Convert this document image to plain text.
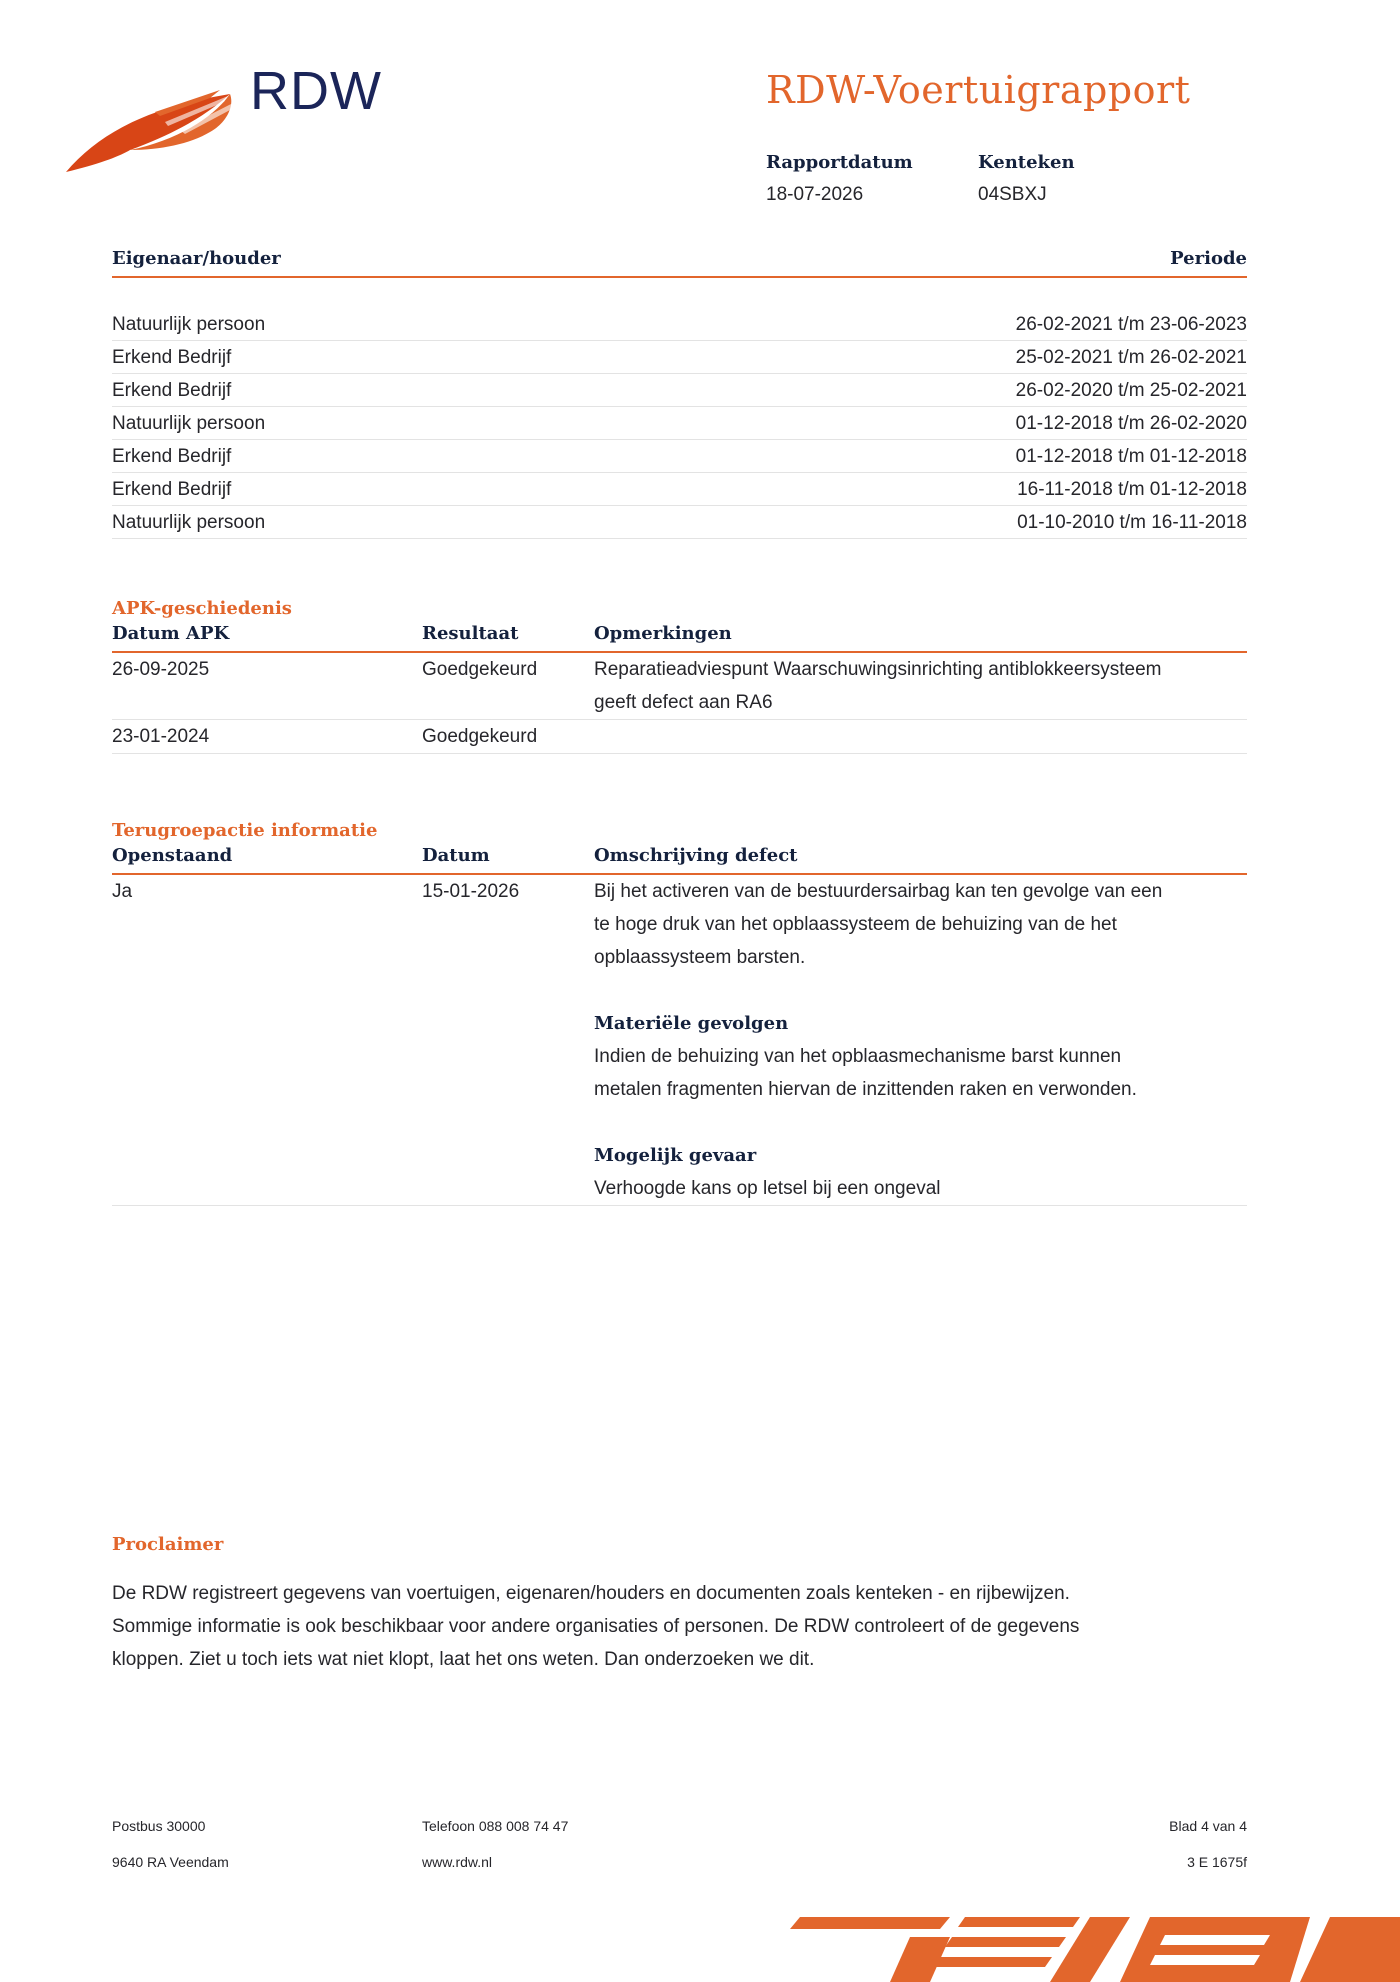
RDW	RDW-Voertuigrapport
Rapportdatum
18-07-2026
Kenteken
04SBXJ
Eigenaar/houder	Periode
Natuurlijk persoon	26-02-2021 t/m 23-06-2023
Erkend Bedrijf	25-02-2021 t/m 26-02-2021
Erkend Bedrijf	26-02-2020 t/m 25-02-2021
Natuurlijk persoon	01-12-2018 t/m 26-02-2020
Erkend Bedrijf	01-12-2018 t/m 01-12-2018
Erkend Bedrijf	16-11-2018 t/m 01-12-2018
Natuurlijk persoon	01-10-2010 t/m 16-11-2018
APK-geschiedenis
Datum APK	Resultaat	Opmerkingen
26-09-2025	Goedgekeurd	Reparatieadviespunt Waarschuwingsinrichting antiblokkeersysteem
geeft defect aan RA6
23-01-2024	Goedgekeurd
Terugroepactie informatie
Openstaand	Datum	Omschrijving defect
Ja	15-01-2026	Bij het activeren van de bestuurdersairbag kan ten gevolge van een
te hoge druk van het opblaassysteem de behuizing van de het
opblaassysteem barsten.
Materiële gevolgen
Indien de behuizing van het opblaasmechanisme barst kunnen
metalen fragmenten hiervan de inzittenden raken en verwonden.
Mogelijk gevaar
Verhoogde kans op letsel bij een ongeval
Proclaimer
De RDW registreert gegevens van voertuigen, eigenaren/houders en documenten zoals kenteken - en rijbewijzen.
Sommige informatie is ook beschikbaar voor andere organisaties of personen. De RDW controleert of de gegevens
kloppen. Ziet u toch iets wat niet klopt, laat het ons weten. Dan onderzoeken we dit.
Postbus 30000
9640 RA Veendam
Telefoon 088 008 74 47
www.rdw.nl
Blad 4 van 4
3 E 1675f
